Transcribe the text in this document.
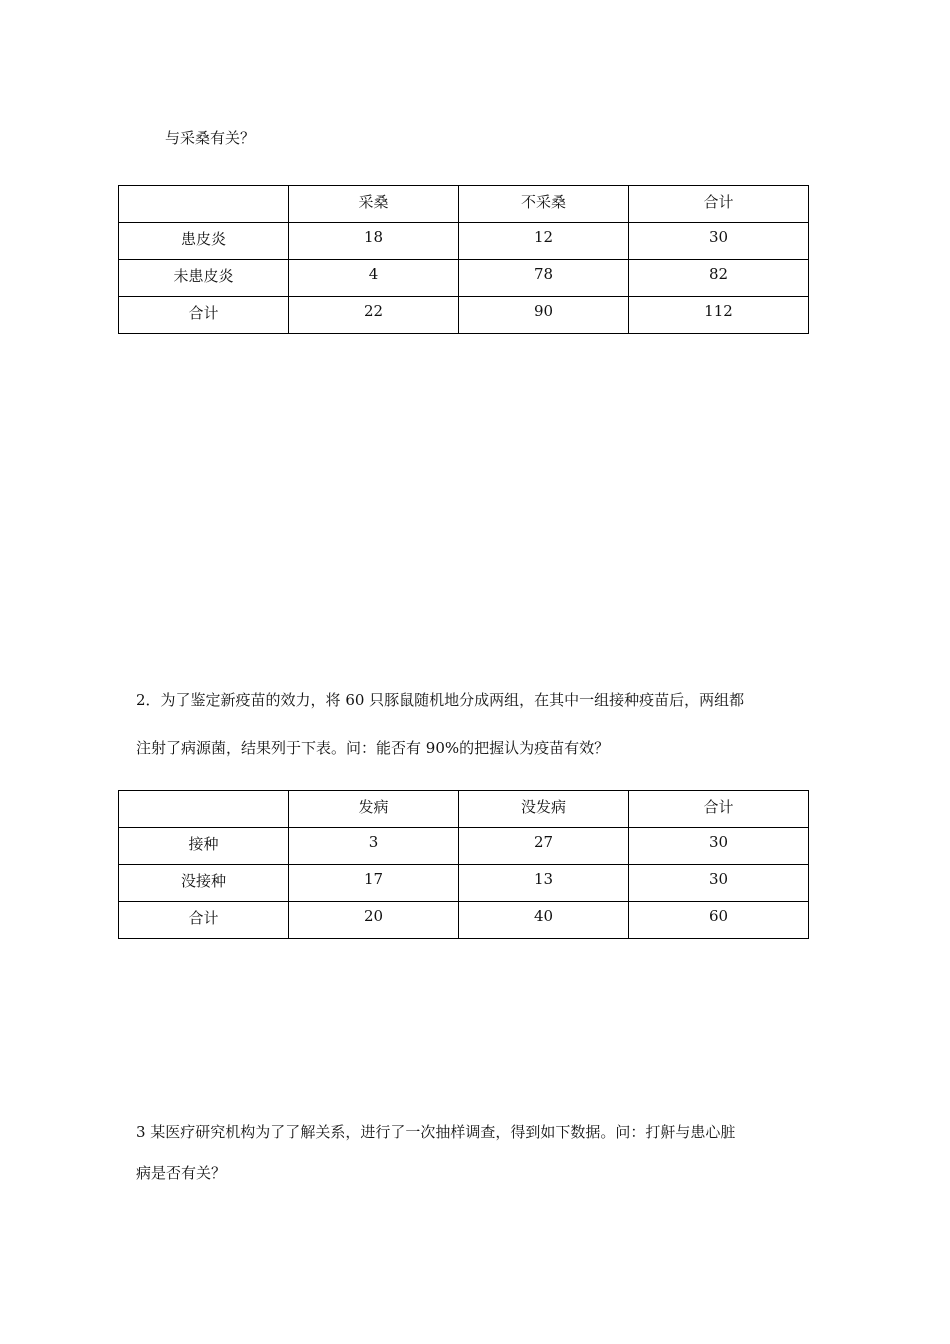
与采桑有关？
	采桑	不采桑	合计
患皮炎	18	12	30
未患皮炎	4	78	82
合计	22	90	112
2．为了鉴定新疫苗的效力，将 60 只豚鼠随机地分成两组，在其中一组接种疫苗后，两组都
注射了病源菌，结果列于下表。问：能否有 90%的把握认为疫苗有效？
	发病	没发病	合计
接种	3	27	30
没接种	17	13	30
合计	20	40	60
3 某医疗研究机构为了了解关系，进行了一次抽样调查，得到如下数据。问：打鼾与患心脏
病是否有关？
